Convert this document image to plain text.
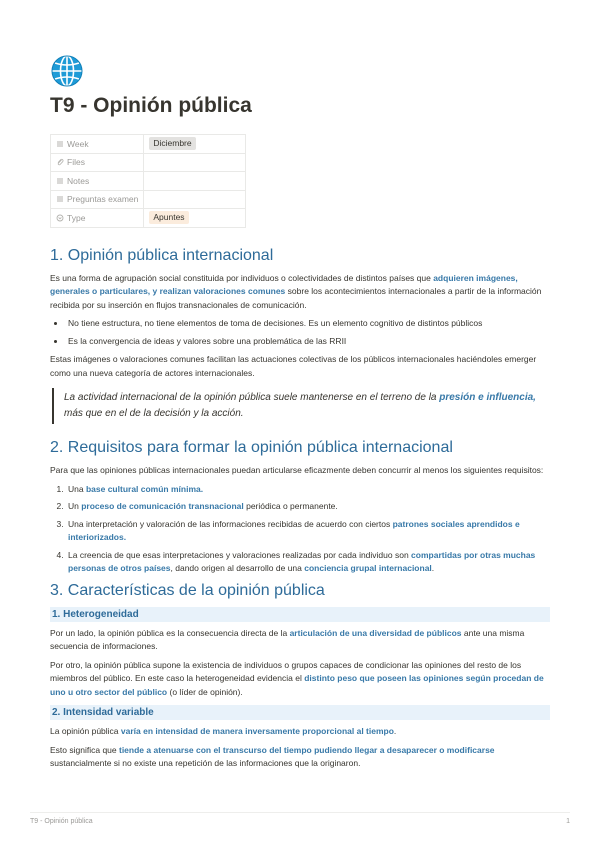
T9 - Opinión pública
Week	Diciembre
Files	
Notes	
Preguntas examen	
Type	Apuntes
1. Opinión pública internacional

Es una forma de agrupación social constituida por individuos o colectividades de distintos países que adquieren imágenes, generales o particulares, y realizan valoraciones comunes sobre los acontecimientos internacionales a partir de la información recibida por su inserción en flujos transnacionales de comunicación.

• No tiene estructura, no tiene elementos de toma de decisiones. Es un elemento cognitivo de distintos públicos
• Es la convergencia de ideas y valores sobre una problemática de las RRII

Estas imágenes o valoraciones comunes facilitan las actuaciones colectivas de los públicos internacionales haciéndoles emerger como una nueva categoría de actores internacionales.

La actividad internacional de la opinión pública suele mantenerse en el terreno de la presión e influencia, más que en el de la decisión y la acción.
2. Requisitos para formar la opinión pública internacional

Para que las opiniones públicas internacionales puedan articularse eficazmente deben concurrir al menos los siguientes requisitos:

1. Una base cultural común mínima.
2. Un proceso de comunicación transnacional periódica o permanente.
3. Una interpretación y valoración de las informaciones recibidas de acuerdo con ciertos patrones sociales aprendidos e interiorizados.
4. La creencia de que esas interpretaciones y valoraciones realizadas por cada individuo son compartidas por otras muchas personas de otros países, dando origen al desarrollo de una conciencia grupal internacional.
3. Características de la opinión pública
1. Heterogeneidad

Por un lado, la opinión pública es la consecuencia directa de la articulación de una diversidad de públicos ante una misma secuencia de informaciones.

Por otro, la opinión pública supone la existencia de individuos o grupos capaces de condicionar las opiniones del resto de los miembros del público. En este caso la heterogeneidad evidencia el distinto peso que poseen las opiniones según procedan de uno u otro sector del público (o líder de opinión).

2. Intensidad variable

La opinión pública varía en intensidad de manera inversamente proporcional al tiempo.

Esto significa que tiende a atenuarse con el transcurso del tiempo pudiendo llegar a desaparecer o modificarse sustancialmente si no existe una repetición de las informaciones que la originaron.

T9 - Opinión pública	1
